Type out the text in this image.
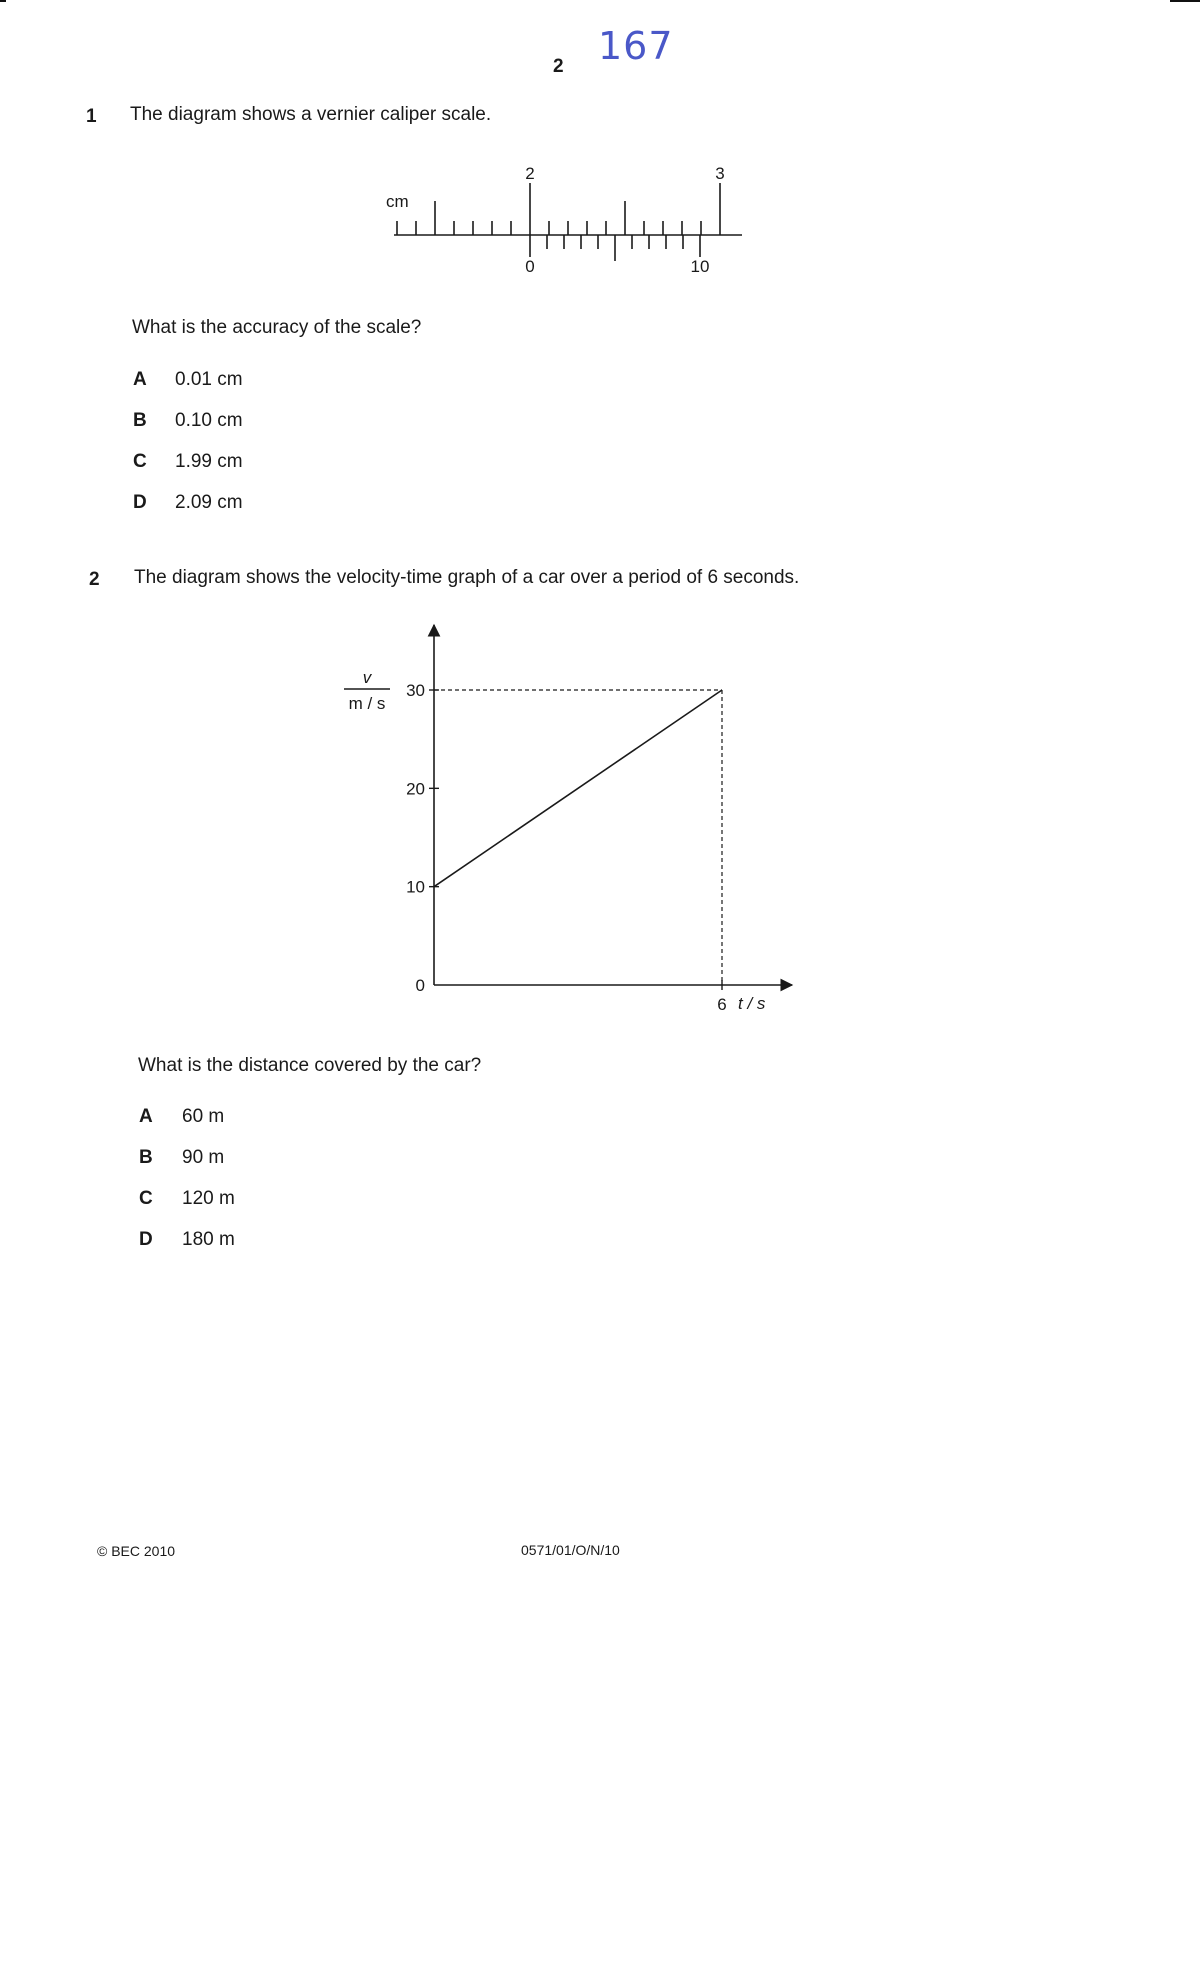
2 167
1 The diagram shows a vernier caliper scale.
cm
2	3
0	10
What is the accuracy of the scale?
A 0.01 cm
B 0.10 cm
C 1.99 cm
D 2.09 cm
2 The diagram shows the velocity-time graph of a car over a period of 6 seconds.
v
m / s
0
10
20
30
6 t / s
What is the distance covered by the car?
A 60 m
B 90 m
C 120 m
D 180 m
© BEC 2010	0571/01/O/N/10
